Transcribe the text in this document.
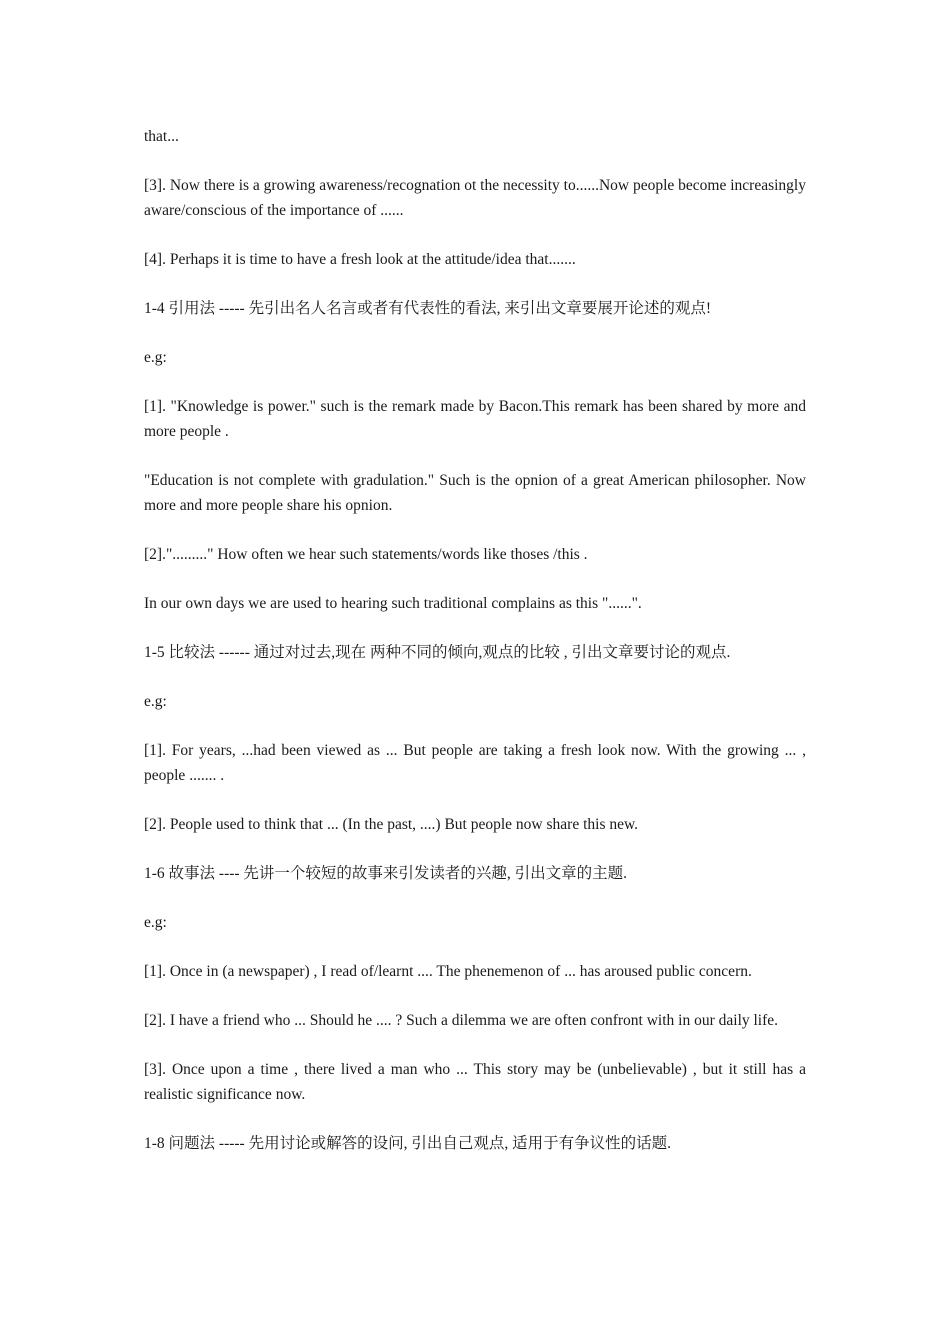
that...

[3]. Now there is a growing awareness/recognation ot the necessity to......Now people become increasingly aware/conscious of the importance of ......

[4]. Perhaps it is time to have a fresh look at the attitude/idea that.......

1-4 引用法 ----- 先引出名人名言或者有代表性的看法, 来引出文章要展开论述的观点!

e.g:

[1]. "Knowledge is power." such is the remark made by Bacon.This remark has been shared by more and more people .

"Education is not complete with gradulation." Such is the opnion of a great American philosopher. Now more and more people share his opnion.

[2]."........." How often we hear such statements/words like thoses /this .

In our own days we are used to hearing such traditional complains as this "......".

1-5 比较法 ------ 通过对过去,现在 两种不同的倾向,观点的比较 , 引出文章要讨论的观点.

e.g:

[1]. For years, ...had been viewed as ... But people are taking a fresh look now. With the growing ... , people ....... .

[2]. People used to think that ... (In the past, ....) But people now share this new.

1-6 故事法 ---- 先讲一个较短的故事来引发读者的兴趣, 引出文章的主题.

e.g:

[1]. Once in (a newspaper) , I read of/learnt .... The phenemenon of ... has aroused public concern.

[2]. I have a friend who ... Should he .... ? Such a dilemma we are often confront with in our daily life.

[3]. Once upon a time , there lived a man who ... This story may be (unbelievable) , but it still has a realistic significance now.

1-8 问题法 ----- 先用讨论或解答的设问, 引出自己观点, 适用于有争议性的话题.
